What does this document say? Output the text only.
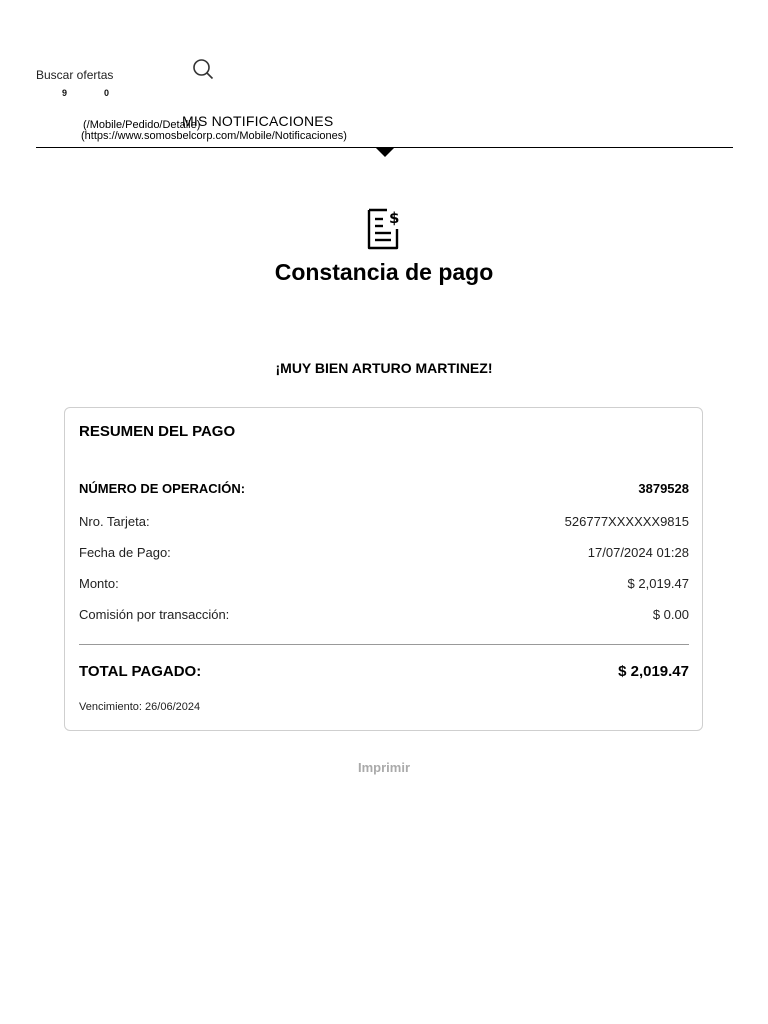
Buscar ofertas
9	0
(/Mobile/Pedido/Detalle)
MIS NOTIFICACIONES
(https://www.somosbelcorp.com/Mobile/Notificaciones)
$
Constancia de pago
¡MUY BIEN ARTURO MARTINEZ!
RESUMEN DEL PAGO
NÚMERO DE OPERACIÓN:	3879528
Nro. Tarjeta:	526777XXXXXX9815
Fecha de Pago:	17/07/2024 01:28
Monto:	$ 2,019.47
Comisión por transacción:	$ 0.00
TOTAL PAGADO:	$ 2,019.47
Vencimiento: 26/06/2024
Imprimir
